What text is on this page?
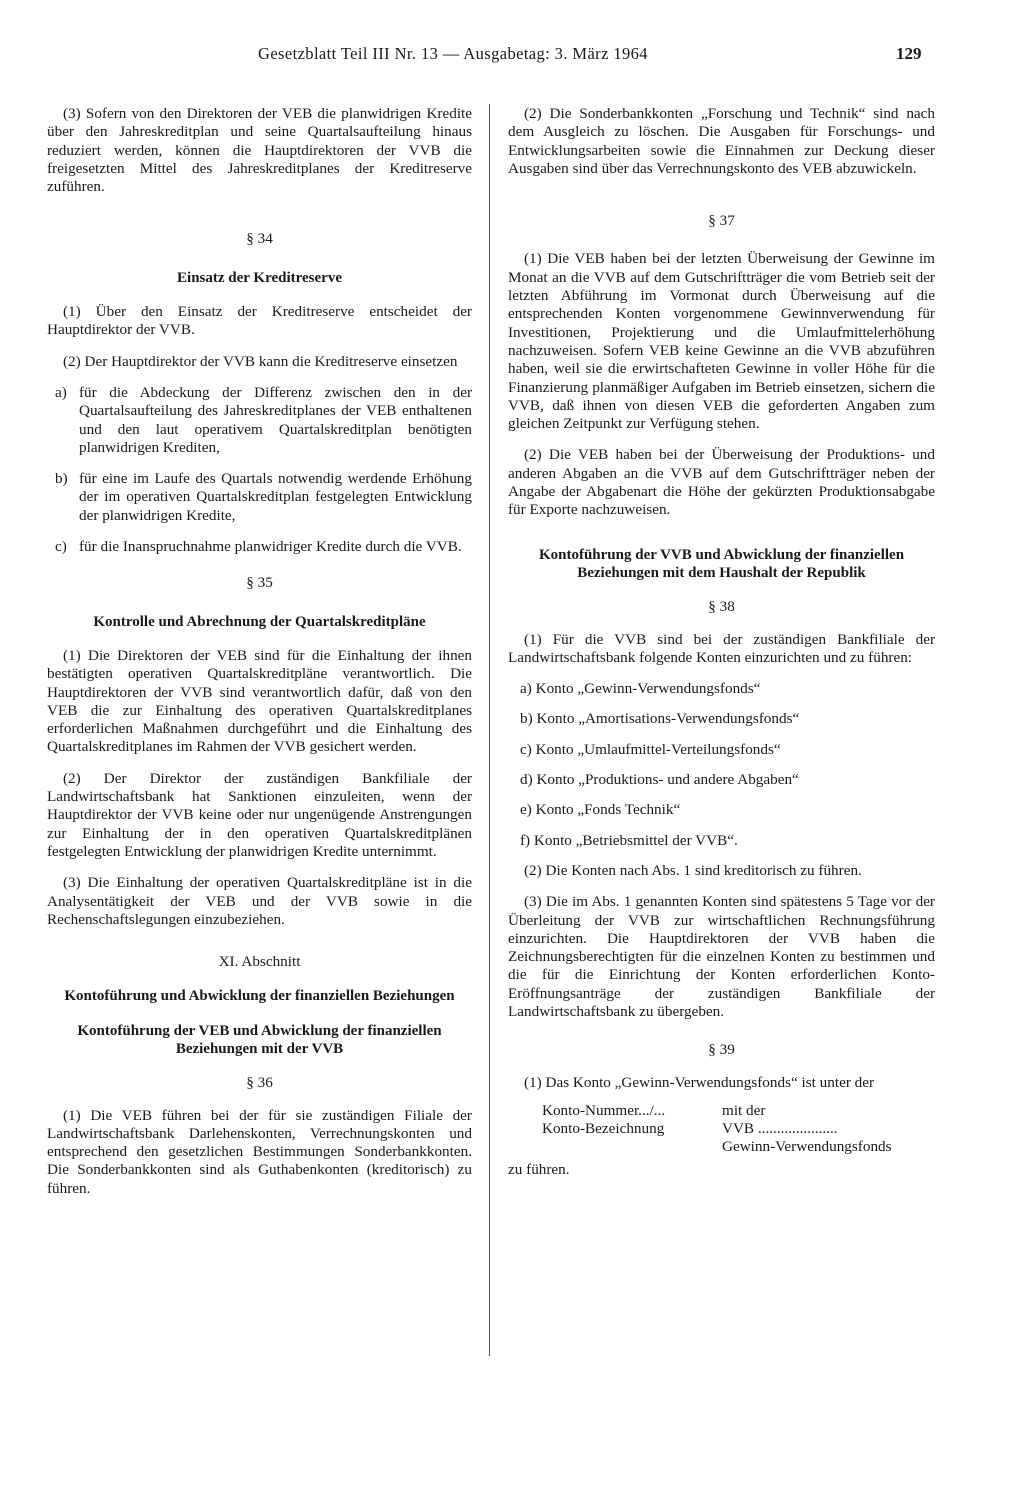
Gesetzblatt Teil III Nr. 13 — Ausgabetag: 3. März 1964	129

(3) Sofern von den Direktoren der VEB die planwidrigen Kredite über den Jahreskreditplan und seine Quartalsaufteilung hinaus reduziert werden, können die Hauptdirektoren der VVB die freigesetzten Mittel des Jahreskreditplanes der Kreditreserve zuführen.

§ 34
Einsatz der Kreditreserve

(1) Über den Einsatz der Kreditreserve entscheidet der Hauptdirektor der VVB.

(2) Der Hauptdirektor der VVB kann die Kreditreserve einsetzen

a) für die Abdeckung der Differenz zwischen den in der Quartalsaufteilung des Jahreskreditplanes der VEB enthaltenen und den laut operativem Quartalskreditplan benötigten planwidrigen Krediten,
b) für eine im Laufe des Quartals notwendig werdende Erhöhung der im operativen Quartalskreditplan festgelegten Entwicklung der planwidrigen Kredite,
c) für die Inanspruchnahme planwidriger Kredite durch die VVB.
§ 35
Kontrolle und Abrechnung der Quartalskreditpläne

(1) Die Direktoren der VEB sind für die Einhaltung der ihnen bestätigten operativen Quartalskreditpläne verantwortlich. Die Hauptdirektoren der VVB sind verantwortlich dafür, daß von den VEB die zur Einhaltung des operativen Quartalskreditplanes erforderlichen Maßnahmen durchgeführt und die Einhaltung des Quartalskreditplanes im Rahmen der VVB gesichert werden.

(2) Der Direktor der zuständigen Bankfiliale der Landwirtschaftsbank hat Sanktionen einzuleiten, wenn der Hauptdirektor der VVB keine oder nur ungenügende Anstrengungen zur Einhaltung der in den operativen Quartalskreditplänen festgelegten Entwicklung der planwidrigen Kredite unternimmt.

(3) Die Einhaltung der operativen Quartalskreditpläne ist in die Analysentätigkeit der VEB und der VVB sowie in die Rechenschaftslegungen einzubeziehen.

XI. Abschnitt
Kontoführung und Abwicklung der finanziellen Beziehungen
Kontoführung der VEB und Abwicklung der finanziellen Beziehungen mit der VVB
§ 36

(1) Die VEB führen bei der für sie zuständigen Filiale der Landwirtschaftsbank Darlehenskonten, Verrechnungskonten und entsprechend den gesetzlichen Bestimmungen Sonderbankkonten. Die Sonderbankkonten sind als Guthabenkonten (kreditorisch) zu führen.

(2) Die Sonderbankkonten „Forschung und Technik“ sind nach dem Ausgleich zu löschen. Die Ausgaben für Forschungs- und Entwicklungsarbeiten sowie die Einnahmen zur Deckung dieser Ausgaben sind über das Verrechnungskonto des VEB abzuwickeln.

§ 37

(1) Die VEB haben bei der letzten Überweisung der Gewinne im Monat an die VVB auf dem Gutschriftträger die vom Betrieb seit der letzten Abführung im Vormonat durch Überweisung auf die entsprechenden Konten vorgenommene Gewinnverwendung für Investitionen, Projektierung und die Umlaufmittelerhöhung nachzuweisen. Sofern VEB keine Gewinne an die VVB abzuführen haben, weil sie die erwirtschafteten Gewinne in voller Höhe für die Finanzierung planmäßiger Aufgaben im Betrieb einsetzen, sichern die VVB, daß ihnen von diesen VEB die geforderten Angaben zum gleichen Zeitpunkt zur Verfügung stehen.

(2) Die VEB haben bei der Überweisung der Produktions- und anderen Abgaben an die VVB auf dem Gutschriftträger neben der Angabe der Abgabenart die Höhe der gekürzten Produktionsabgabe für Exporte nachzuweisen.

Kontoführung der VVB und Abwicklung der finanziellen Beziehungen mit dem Haushalt der Republik
§ 38

(1) Für die VVB sind bei der zuständigen Bankfiliale der Landwirtschaftsbank folgende Konten einzurichten und zu führen:

a) Konto „Gewinn-Verwendungsfonds“
b) Konto „Amortisations-Verwendungsfonds“
c) Konto „Umlaufmittel-Verteilungsfonds“
d) Konto „Produktions- und andere Abgaben“
e) Konto „Fonds Technik“
f) Konto „Betriebsmittel der VVB“.

(2) Die Konten nach Abs. 1 sind kreditorisch zu führen.

(3) Die im Abs. 1 genannten Konten sind spätestens 5 Tage vor der Überleitung der VVB zur wirtschaftlichen Rechnungsführung einzurichten. Die Hauptdirektoren der VVB haben die Zeichnungsberechtigten für die einzelnen Konten zu bestimmen und die für die Einrichtung der Konten erforderlichen Konto-Eröffnungsanträge der zuständigen Bankfiliale der Landwirtschaftsbank zu übergeben.

§ 39

(1) Das Konto „Gewinn-Verwendungsfonds“ ist unter der

Konto-Nummer.../...	mit der
Konto-Bezeichnung	VVB .....................
Gewinn-Verwendungsfonds

zu führen.
